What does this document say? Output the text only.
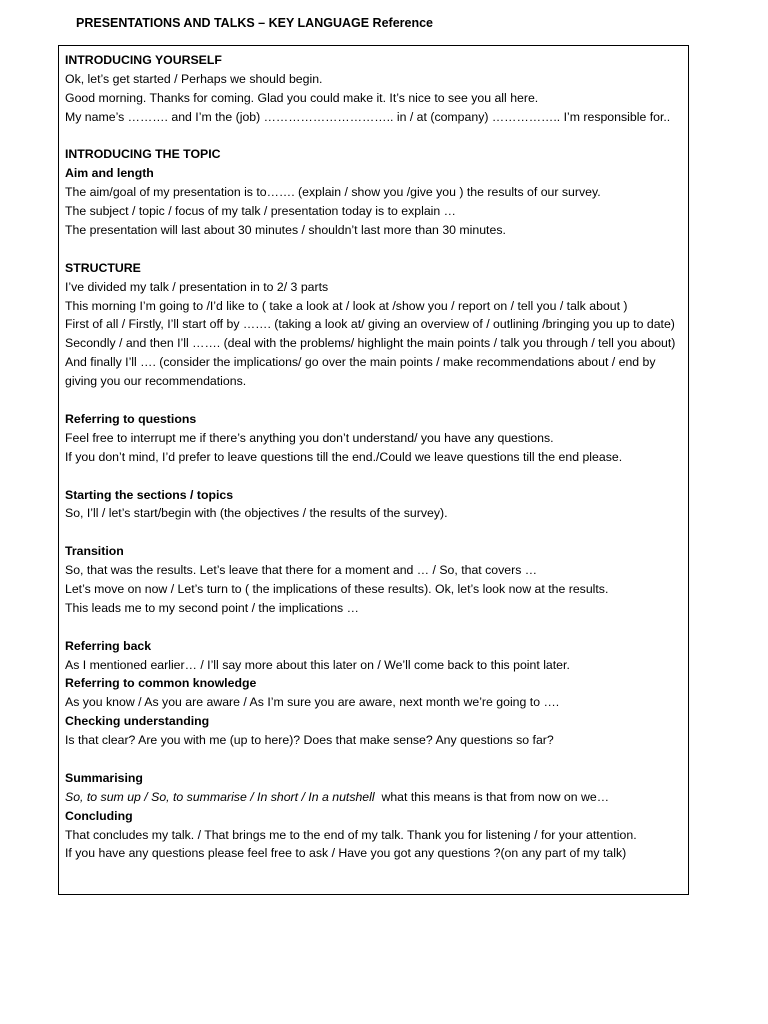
PRESENTATIONS AND TALKS – KEY LANGUAGE Reference
INTRODUCING YOURSELF
Ok, let’s get started / Perhaps we should begin.
Good morning. Thanks for coming. Glad you could make it. It’s nice to see you all here.
My name’s ………. and I’m the (job) ………………………….. in / at (company) …………….. I’m responsible for..
INTRODUCING THE TOPIC
Aim and length
The aim/goal of my presentation is to……. (explain / show you /give you ) the results of our survey.
The subject / topic / focus of my talk / presentation today is to explain …
The presentation will last about 30 minutes / shouldn’t last more than 30 minutes.
STRUCTURE
I’ve divided my talk / presentation in to 2/ 3 parts
This morning I’m going to /I’d like to ( take a look at / look at /show you / report on / tell you / talk about )
First of all / Firstly, I’ll start off by ……. (taking a look at/ giving an overview of / outlining /bringing you up to date)
Secondly / and then I’ll ……. (deal with the problems/ highlight the main points / talk you through / tell you about)
And finally I’ll …. (consider the implications/ go over the main points / make recommendations about / end by giving you our recommendations.
Referring to questions
Feel free to interrupt me if there’s anything you don’t understand/ you have any questions.
If you don’t mind, I’d prefer to leave questions till the end./Could we leave questions till the end please.
Starting the sections / topics
So, I’ll / let’s start/begin with (the objectives / the results of the survey).
Transition
So, that was the results. Let’s leave that there for a moment and … / So, that covers …
Let’s move on now / Let’s turn to ( the implications of these results). Ok, let’s look now at the results.
This leads me to my second point / the implications …
Referring back
As I mentioned earlier… / I’ll say more about this later on / We’ll come back to this point later.
Referring to common knowledge
As you know / As you are aware / As I’m sure you are aware, next month we’re going to ….
Checking understanding
Is that clear? Are you with me (up to here)? Does that make sense? Any questions so far?
Summarising
So, to sum up / So, to summarise / In short / In a nutshell  what this means is that from now on we…
Concluding
That concludes my talk. / That brings me to the end of my talk. Thank you for listening / for your attention.
If you have any questions please feel free to ask / Have you got any questions ?(on any part of my talk)
